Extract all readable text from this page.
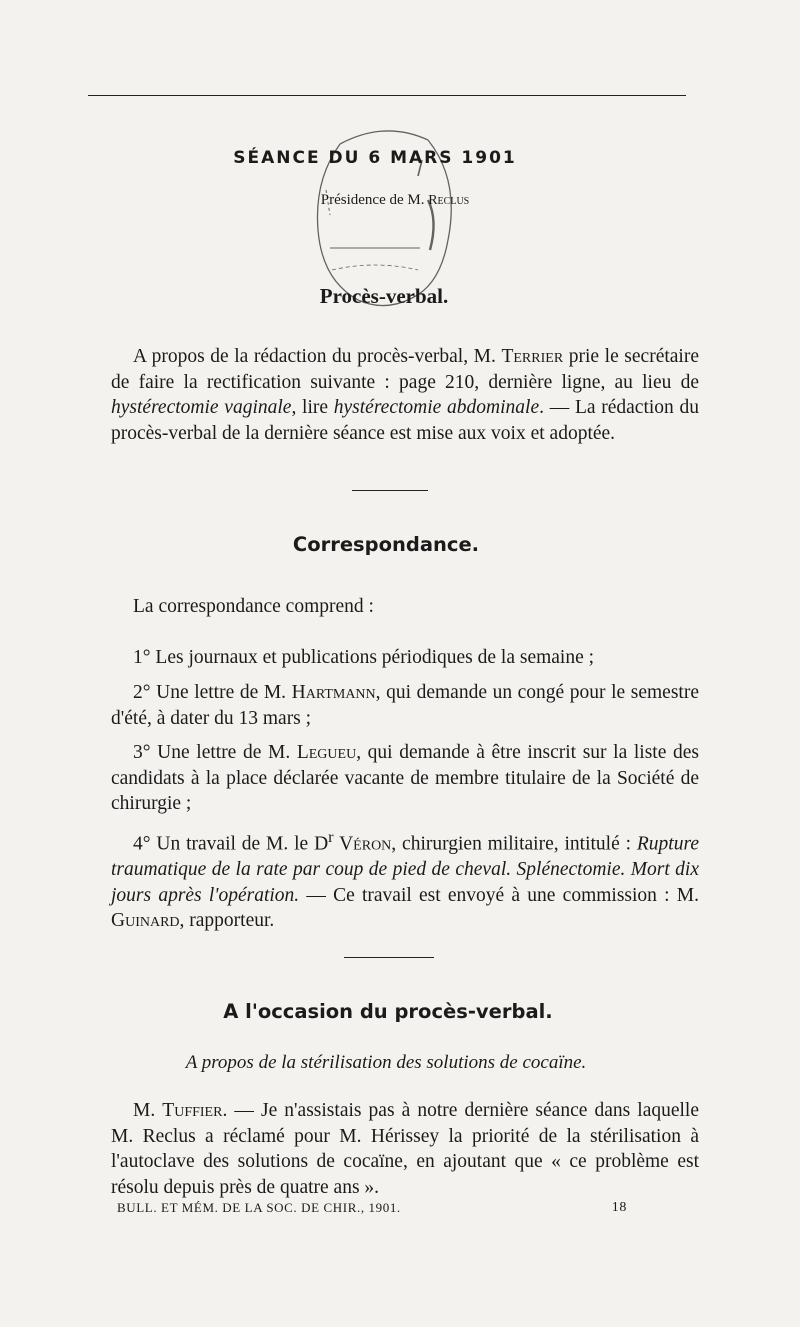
SÉANCE DU 6 MARS 1901
Présidence de M. Reclus
Procès-verbal.

A propos de la rédaction du procès-verbal, M. Terrier prie le secrétaire de faire la rectification suivante : page 210, dernière ligne, au lieu de hystérectomie vaginale, lire hystérectomie abdominale. — La rédaction du procès-verbal de la dernière séance est mise aux voix et adoptée.

Correspondance.

La correspondance comprend :

1° Les journaux et publications périodiques de la semaine ;

2° Une lettre de M. Hartmann, qui demande un congé pour le semestre d'été, à dater du 13 mars ;

3° Une lettre de M. Legueu, qui demande à être inscrit sur la liste des candidats à la place déclarée vacante de membre titulaire de la Société de chirurgie ;

4° Un travail de M. le $D^r$ Véron, chirurgien militaire, intitulé : Rupture traumatique de la rate par coup de pied de cheval. Splénectomie. Mort dix jours après l'opération. — Ce travail est envoyé à une commission : M. Guinard, rapporteur.

A l'occasion du procès-verbal.
A propos de la stérilisation des solutions de cocaïne.

M. Tuffier. — Je n'assistais pas à notre dernière séance dans laquelle M. Reclus a réclamé pour M. Hérissey la priorité de la stérilisation à l'autoclave des solutions de cocaïne, en ajoutant que « ce problème est résolu depuis près de quatre ans ».

BULL. ET MÉM. DE LA SOC. DE CHIR., 1901.	18
